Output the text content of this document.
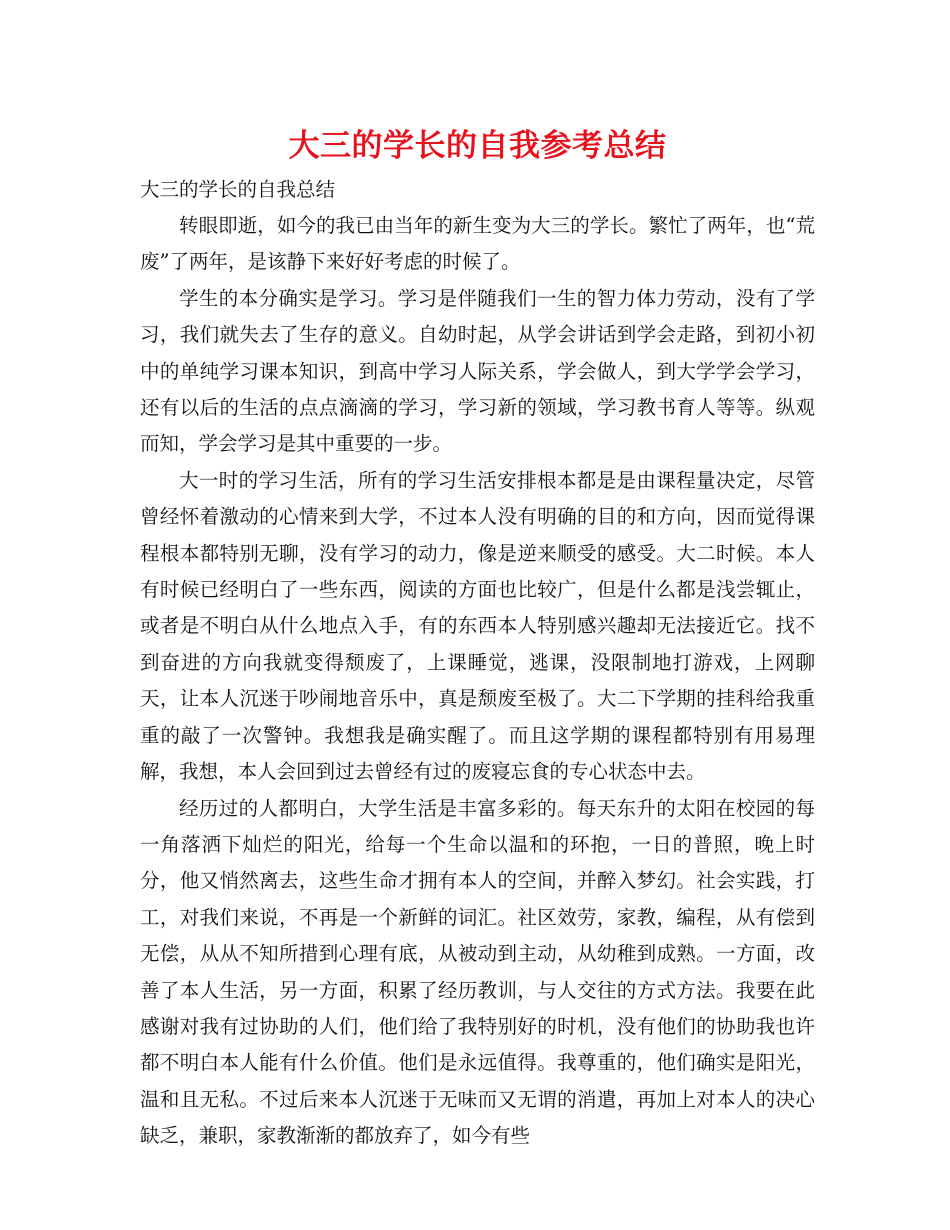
大三的学长的自我参考总结

大三的学长的自我总结

转眼即逝，如今的我已由当年的新生变为大三的学长。繁忙了两年，也“荒废”了两年，是该静下来好好考虑的时候了。

学生的本分确实是学习。学习是伴随我们一生的智力体力劳动，没有了学习，我们就失去了生存的意义。自幼时起，从学会讲话到学会走路，到初小初中的单纯学习课本知识，到高中学习人际关系，学会做人，到大学学会学习，还有以后的生活的点点滴滴的学习，学习新的领域，学习教书育人等等。纵观而知，学会学习是其中重要的一步。

大一时的学习生活，所有的学习生活安排根本都是是由课程量决定，尽管曾经怀着激动的心情来到大学，不过本人没有明确的目的和方向，因而觉得课程根本都特别无聊，没有学习的动力，像是逆来顺受的感受。大二时候。本人有时候已经明白了一些东西，阅读的方面也比较广，但是什么都是浅尝辄止，或者是不明白从什么地点入手，有的东西本人特别感兴趣却无法接近它。找不到奋进的方向我就变得颓废了，上课睡觉，逃课，没限制地打游戏，上网聊天，让本人沉迷于吵闹地音乐中，真是颓废至极了。大二下学期的挂科给我重重的敲了一次警钟。我想我是确实醒了。而且这学期的课程都特别有用易理解，我想，本人会回到过去曾经有过的废寝忘食的专心状态中去。

经历过的人都明白，大学生活是丰富多彩的。每天东升的太阳在校园的每一角落洒下灿烂的阳光，给每一个生命以温和的环抱，一日的普照，晚上时分，他又悄然离去，这些生命才拥有本人的空间，并醉入梦幻。社会实践，打工，对我们来说，不再是一个新鲜的词汇。社区效劳，家教，编程，从有偿到无偿，从从不知所措到心理有底，从被动到主动，从幼稚到成熟。一方面，改善了本人生活，另一方面，积累了经历教训，与人交往的方式方法。我要在此感谢对我有过协助的人们，他们给了我特别好的时机，没有他们的协助我也许都不明白本人能有什么价值。他们是永远值得。我尊重的，他们确实是阳光，温和且无私。不过后来本人沉迷于无味而又无谓的消遣，再加上对本人的决心缺乏，兼职，家教渐渐的都放弃了，如今有些
